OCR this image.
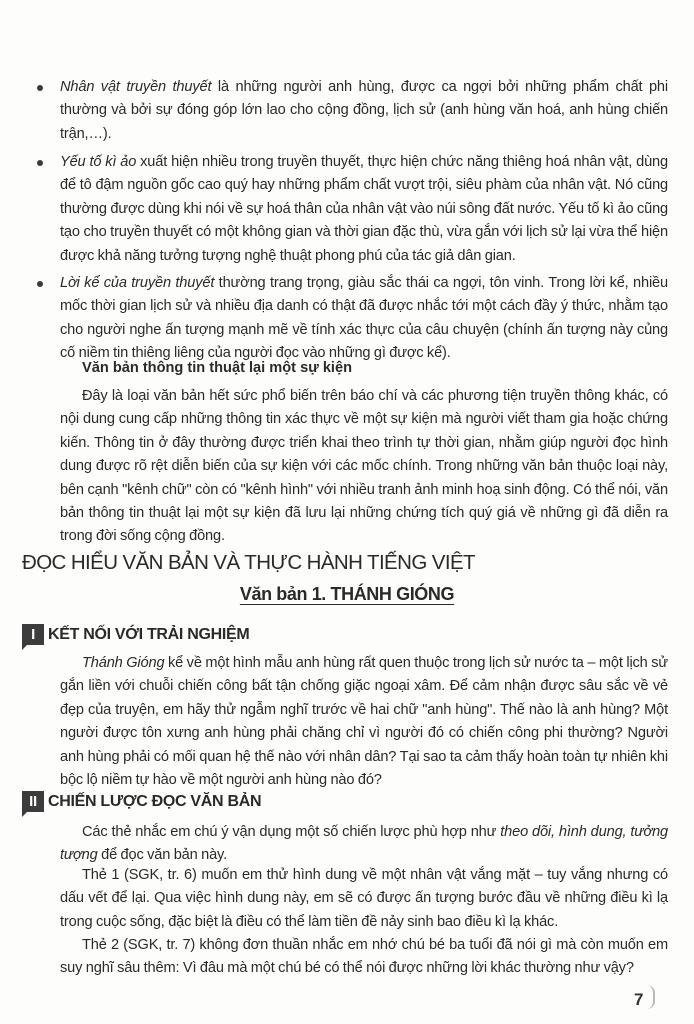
Nhân vật truyền thuyết là những người anh hùng, được ca ngợi bởi những phẩm chất phi thường và bởi sự đóng góp lớn lao cho cộng đồng, lịch sử (anh hùng văn hoá, anh hùng chiến trận,…).
Yếu tố kì ảo xuất hiện nhiều trong truyền thuyết, thực hiện chức năng thiêng hoá nhân vật, dùng để tô đậm nguồn gốc cao quý hay những phẩm chất vượt trội, siêu phàm của nhân vật. Nó cũng thường được dùng khi nói về sự hoá thân của nhân vật vào núi sông đất nước. Yếu tố kì ảo cũng tạo cho truyền thuyết có một không gian và thời gian đặc thù, vừa gắn với lịch sử lại vừa thể hiện được khả năng tưởng tượng nghệ thuật phong phú của tác giả dân gian.
Lời kể của truyền thuyết thường trang trọng, giàu sắc thái ca ngợi, tôn vinh. Trong lời kể, nhiều mốc thời gian lịch sử và nhiều địa danh có thật đã được nhắc tới một cách đầy ý thức, nhằm tạo cho người nghe ấn tượng mạnh mẽ về tính xác thực của câu chuyện (chính ấn tượng này củng cố niềm tin thiêng liêng của người đọc vào những gì được kể).
Văn bản thông tin thuật lại một sự kiện
Đây là loại văn bản hết sức phổ biến trên báo chí và các phương tiện truyền thông khác, có nội dung cung cấp những thông tin xác thực về một sự kiện mà người viết tham gia hoặc chứng kiến. Thông tin ở đây thường được triển khai theo trình tự thời gian, nhằm giúp người đọc hình dung được rõ rệt diễn biến của sự kiện với các mốc chính. Trong những văn bản thuộc loại này, bên cạnh "kênh chữ" còn có "kênh hình" với nhiều tranh ảnh minh hoạ sinh động. Có thể nói, văn bản thông tin thuật lại một sự kiện đã lưu lại những chứng tích quý giá về những gì đã diễn ra trong đời sống cộng đồng.
ĐỌC HIỂU VĂN BẢN VÀ THỰC HÀNH TIẾNG VIỆT
Văn bản 1. THÁNH GIÓNG
I KẾT NỐI VỚI TRẢI NGHIỆM
Thánh Gióng kể về một hình mẫu anh hùng rất quen thuộc trong lịch sử nước ta – một lịch sử gắn liền với chuỗi chiến công bất tận chống giặc ngoại xâm. Để cảm nhận được sâu sắc về vẻ đẹp của truyện, em hãy thử ngẫm nghĩ trước về hai chữ "anh hùng". Thế nào là anh hùng? Một người được tôn xưng anh hùng phải chăng chỉ vì người đó có chiến công phi thường? Người anh hùng phải có mối quan hệ thế nào với nhân dân? Tại sao ta cảm thấy hoàn toàn tự nhiên khi bộc lộ niềm tự hào về một người anh hùng nào đó?
II CHIẾN LƯỢC ĐỌC VĂN BẢN
Các thẻ nhắc em chú ý vận dụng một số chiến lược phù hợp như theo dõi, hình dung, tưởng tượng để đọc văn bản này.
Thẻ 1 (SGK, tr. 6) muốn em thử hình dung về một nhân vật vắng mặt – tuy vắng nhưng có dấu vết để lại. Qua việc hình dung này, em sẽ có được ấn tượng bước đầu về những điều kì lạ trong cuộc sống, đặc biệt là điều có thể làm tiền đề nảy sinh bao điều kì lạ khác.
Thẻ 2 (SGK, tr. 7) không đơn thuần nhắc em nhớ chú bé ba tuổi đã nói gì mà còn muốn em suy nghĩ sâu thêm: Vì đâu mà một chú bé có thể nói được những lời khác thường như vậy?
7
